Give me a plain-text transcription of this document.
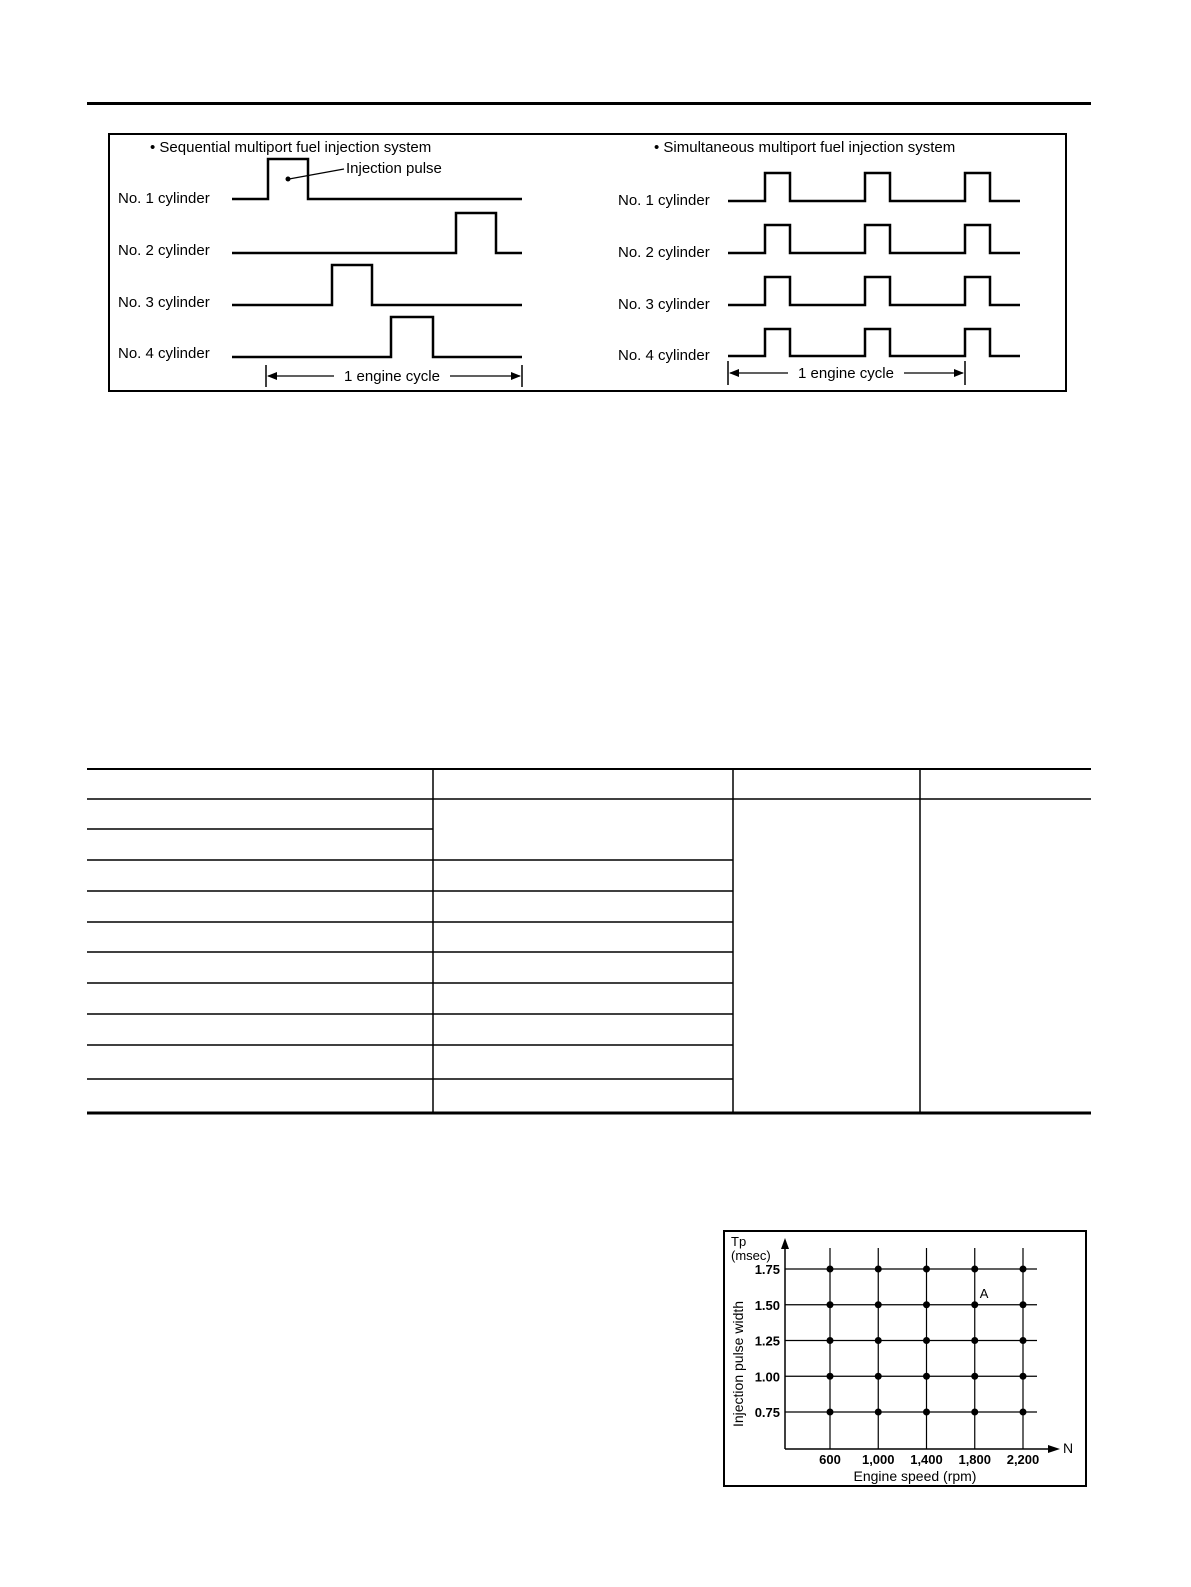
• Sequential multiport fuel injection system
Injection pulse
No. 1 cylinder
No. 2 cylinder
No. 3 cylinder
No. 4 cylinder
1 engine cycle
• Simultaneous multiport fuel injection system
No. 1 cylinder
No. 2 cylinder
No. 3 cylinder
No. 4 cylinder
1 engine cycle
Tp (msec)
Injection pulse width
Engine speed (rpm)
N
600 1,000 1,400 1,800 2,200
1.75
1.50
1.25
1.00
0.75
A
